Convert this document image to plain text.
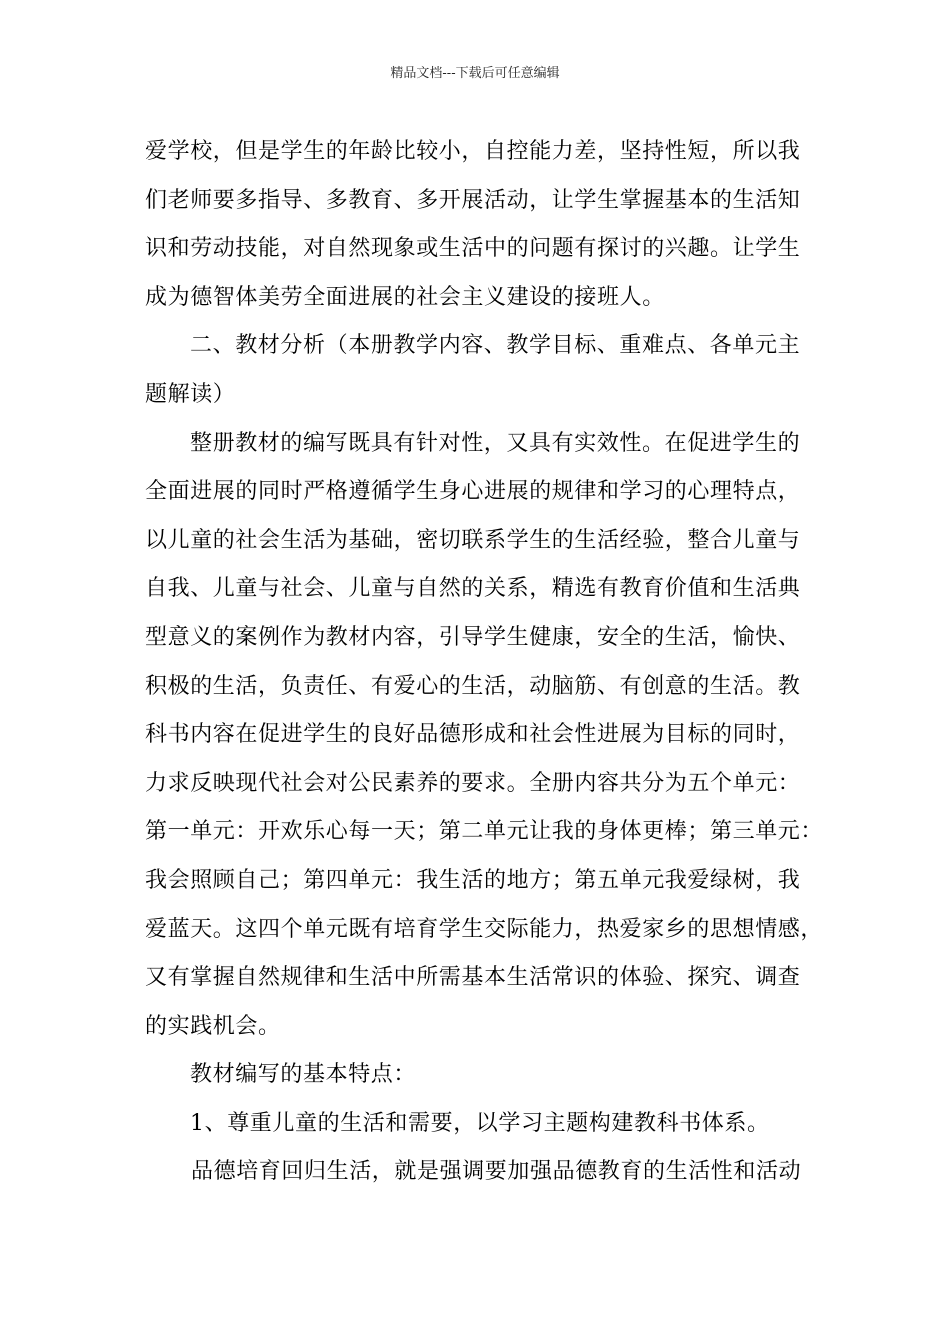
精品文档---下载后可任意编辑

爱学校，但是学生的年龄比较小，自控能力差，坚持性短，所以我
们老师要多指导、多教育、多开展活动，让学生掌握基本的生活知
识和劳动技能，对自然现象或生活中的问题有探讨的兴趣。让学生
成为德智体美劳全面进展的社会主义建设的接班人。

二、教材分析（本册教学内容、教学目标、重难点、各单元主
题解读）

整册教材的编写既具有针对性，又具有实效性。在促进学生的
全面进展的同时严格遵循学生身心进展的规律和学习的心理特点，
以儿童的社会生活为基础，密切联系学生的生活经验，整合儿童与
自我、儿童与社会、儿童与自然的关系，精选有教育价值和生活典
型意义的案例作为教材内容，引导学生健康，安全的生活，愉快、
积极的生活，负责任、有爱心的生活，动脑筋、有创意的生活。教
科书内容在促进学生的良好品德形成和社会性进展为目标的同时，
力求反映现代社会对公民素养的要求。全册内容共分为五个单元：
第一单元：开欢乐心每一天；第二单元让我的身体更棒；第三单元：
我会照顾自己；第四单元：我生活的地方；第五单元我爱绿树，我
爱蓝天。这四个单元既有培育学生交际能力，热爱家乡的思想情感，
又有掌握自然规律和生活中所需基本生活常识的体验、探究、调查
的实践机会。

教材编写的基本特点：

1、尊重儿童的生活和需要，以学习主题构建教科书体系。

品德培育回归生活，就是强调要加强品德教育的生活性和活动
